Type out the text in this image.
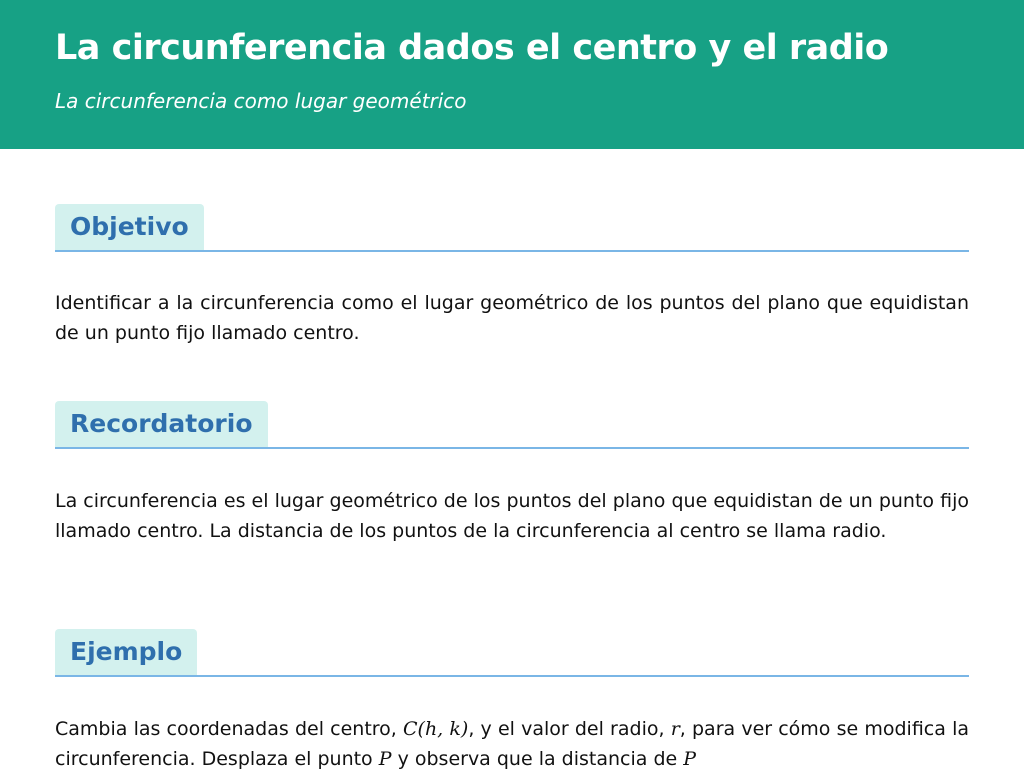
La circunferencia dados el centro y el radio
La circunferencia como lugar geométrico
Objetivo

Identificar a la circunferencia como el lugar geométrico de los puntos del plano que equidistan de un punto fijo llamado centro.

Recordatorio

La circunferencia es el lugar geométrico de los puntos del plano que equidistan de un punto fijo llamado centro. La distancia de los puntos de la circunferencia al centro se llama radio.

Ejemplo

Cambia las coordenadas del centro, C(h, k), y el valor del radio, r, para ver cómo se modifica la circunferencia. Desplaza el punto P y observa que la distancia de P
